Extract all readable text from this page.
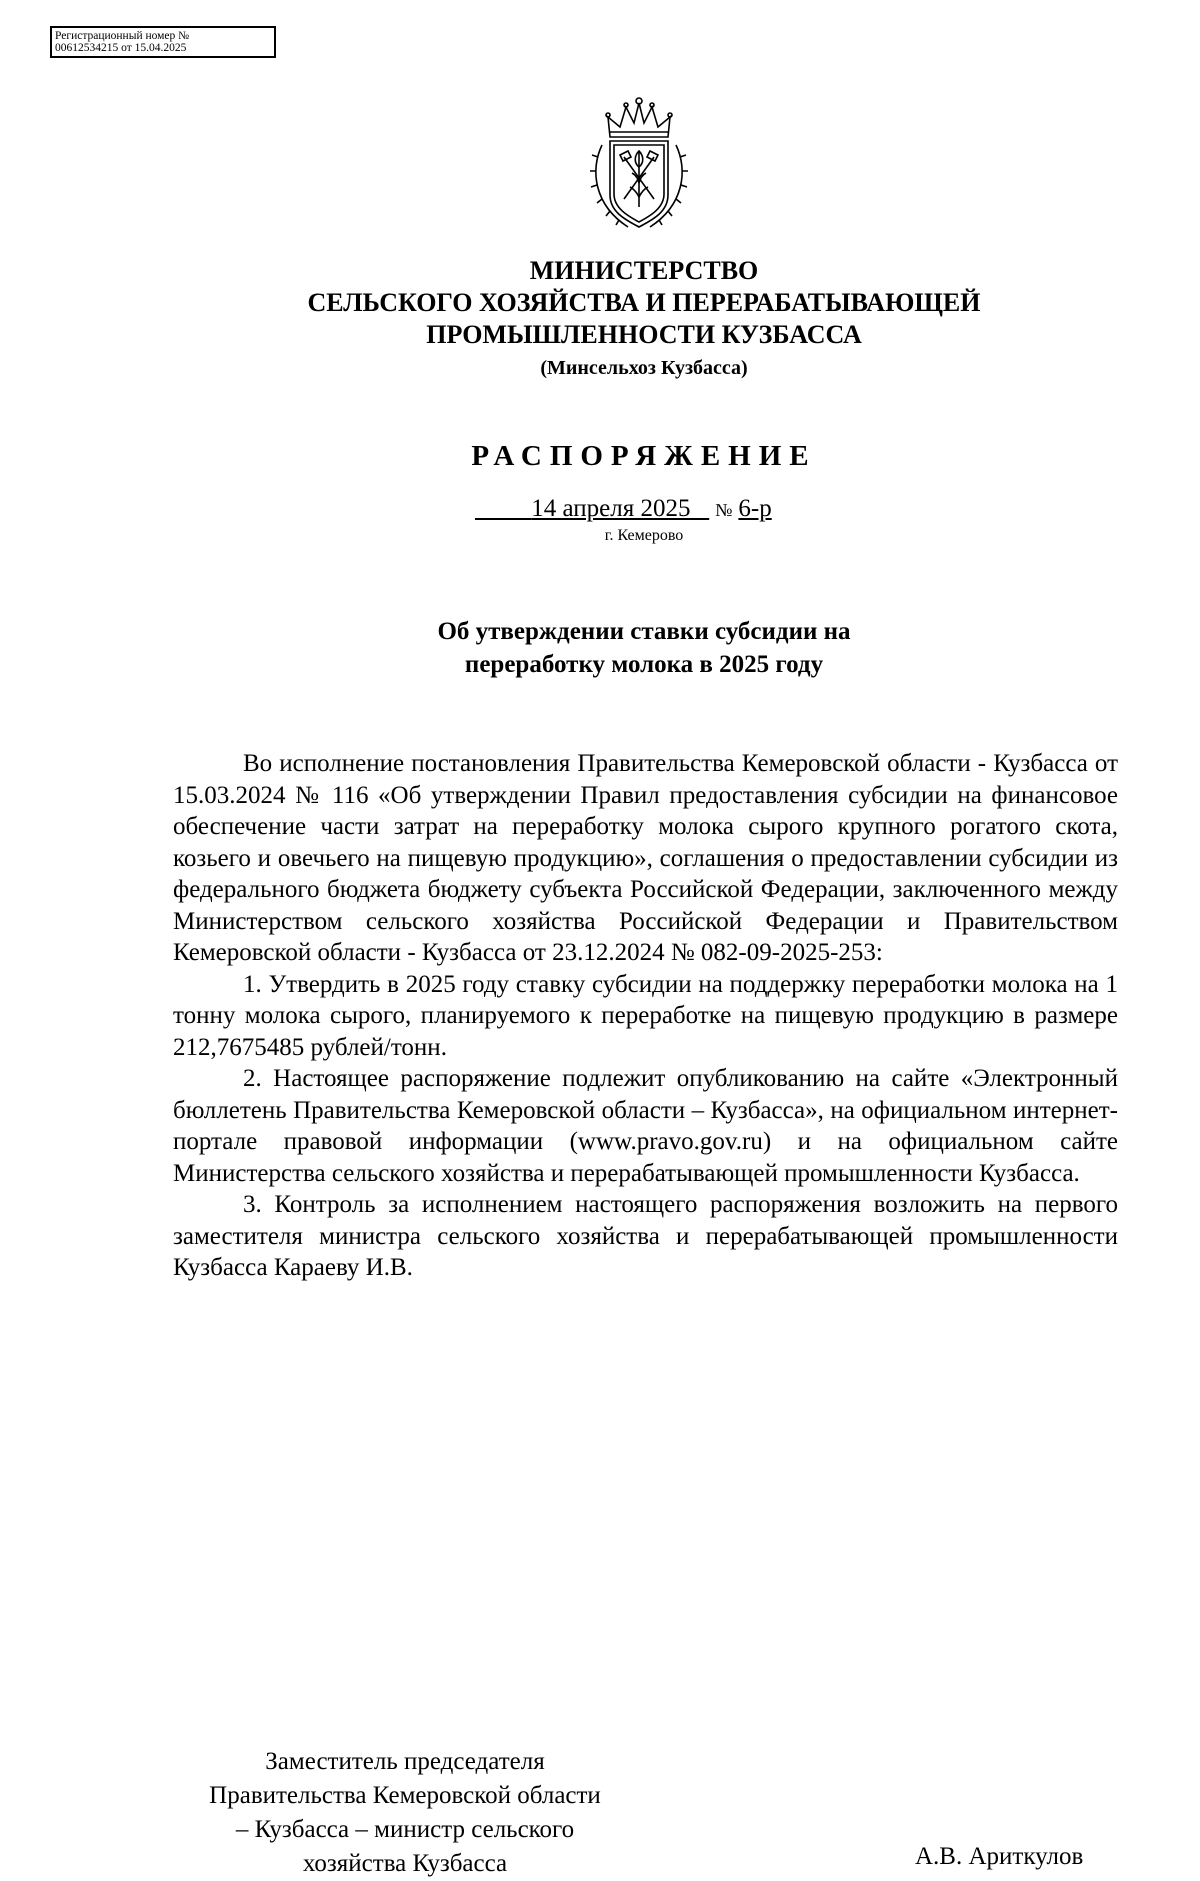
Регистрационный номер №
00612534215 от 15.04.2025
МИНИСТЕРСТВО
СЕЛЬСКОГО ХОЗЯЙСТВА И ПЕРЕРАБАТЫВАЮЩЕЙ
ПРОМЫШЛЕННОСТИ КУЗБАССА
(Минсельхоз Кузбасса)
РАСПОРЯЖЕНИЕ
14 апреля 2025 № 6-р
г. Кемерово
Об утверждении ставки субсидии на
переработку молока в 2025 году

Во исполнение постановления Правительства Кемеровской области - Кузбасса от 15.03.2024 № 116 «Об утверждении Правил предоставления субсидии на финансовое обеспечение части затрат на переработку молока сырого крупного рогатого скота, козьего и овечьего на пищевую продукцию», соглашения о предоставлении субсидии из федерального бюджета бюджету субъекта Российской Федерации, заключенного между Министерством сельского хозяйства Российской Федерации и Правительством Кемеровской области - Кузбасса от 23.12.2024 № 082-09-2025-253:

1. Утвердить в 2025 году ставку субсидии на поддержку переработки молока на 1 тонну молока сырого, планируемого к переработке на пищевую продукцию в размере 212,7675485 рублей/тонн.

2. Настоящее распоряжение подлежит опубликованию на сайте «Электронный бюллетень Правительства Кемеровской области – Кузбасса», на официальном интернет-портале правовой информации (www.pravo.gov.ru) и на официальном сайте Министерства сельского хозяйства и перерабатывающей промышленности Кузбасса.

3. Контроль за исполнением настоящего распоряжения возложить на первого заместителя министра сельского хозяйства и перерабатывающей промышленности Кузбасса Караеву И.В.

Заместитель председателя
Правительства Кемеровской области
– Кузбасса – министр сельского
хозяйства Кузбасса	А.В. Ариткулов
